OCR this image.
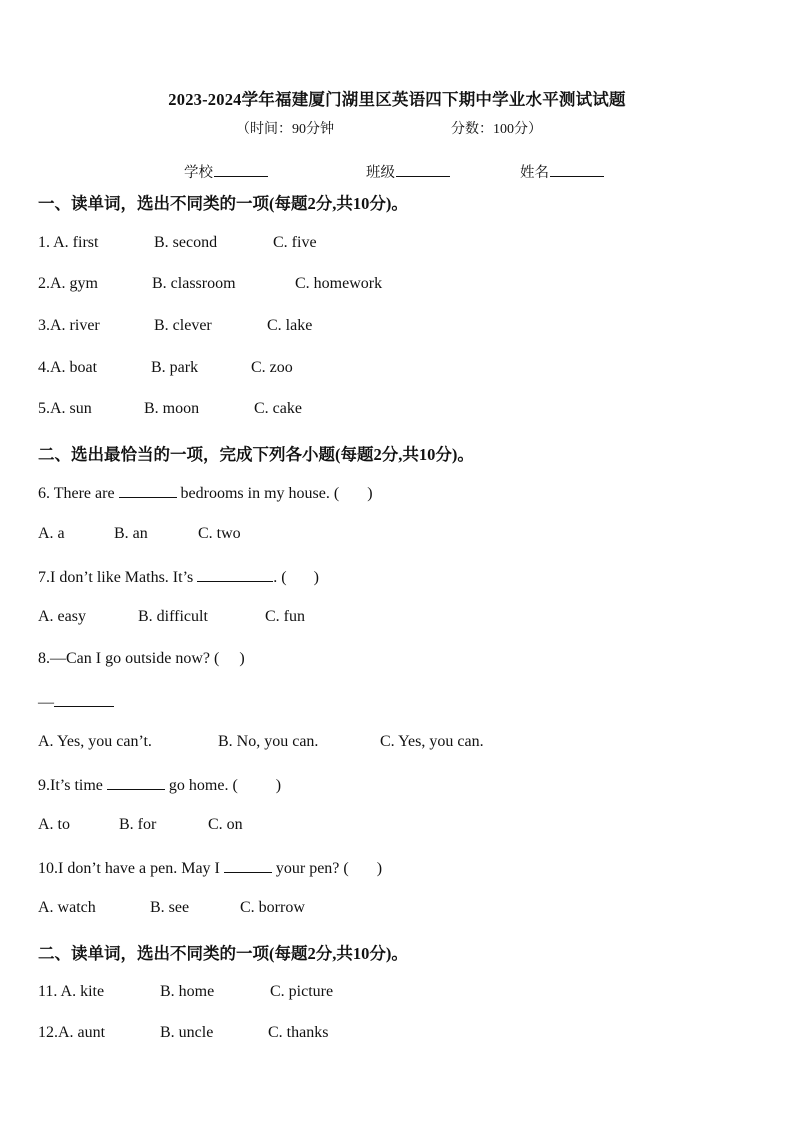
2023-2024学年福建厦门湖里区英语四下期中学业水平测试试题
（时间：90分钟	分数：100分）
学校	班级	姓名
一、读单词，选出不同类的一项(每题2分,共10分)。
1. A. first	B. second	C. five
2.A. gym	B. classroom	C. homework
3.A. river	B. clever	C. lake
4.A. boat	B. park	C. zoo
5.A. sun	B. moon	C. cake
二、选出最恰当的一项，完成下列各小题(每题2分,共10分)。
6. There are	bedrooms in my house. ( )
A. a	B. an	C. two
7.I don’t like Maths. It’s	. ( )
A. easy	B. difficult	C. fun
8.—Can I go outside now? ( )
—
A. Yes, you can’t.	B. No, you can.	C. Yes, you can.
9.It’s time	go home. ( )
A. to	B. for	C. on
10.I don’t have a pen. May I	your pen? ( )
A. watch	B. see	C. borrow
二、读单词，选出不同类的一项(每题2分,共10分)。
11. A. kite	B. home	C. picture
12.A. aunt	B. uncle	C. thanks
